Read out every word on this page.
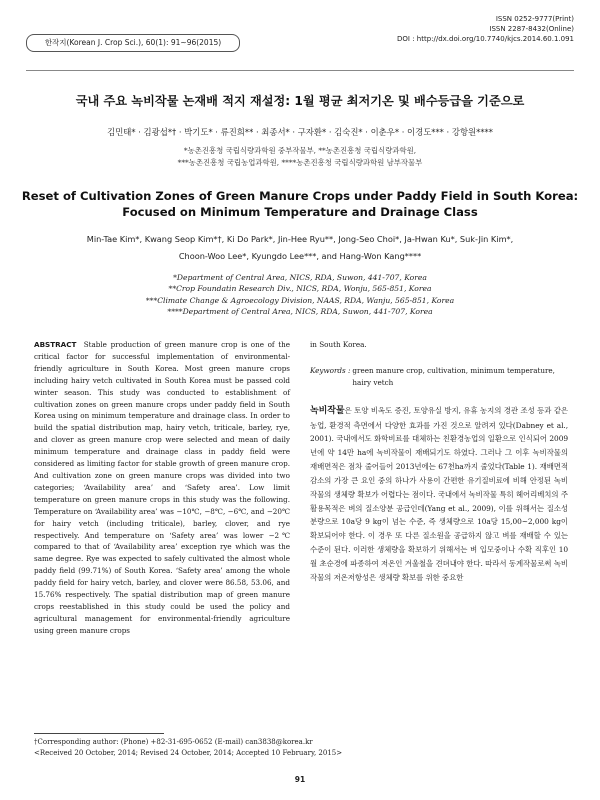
한작지(Korean J. Crop Sci.), 60(1): 91~96(2015)
ISSN 0252-9777(Print)
ISSN 2287-8432(Online)
DOI : http://dx.doi.org/10.7740/kjcs.2014.60.1.091
국내 주요 녹비작물 논재배 적지 재설정: 1월 평균 최저기온 및 배수등급을 기준으로
김민태* · 김광섭*† · 박기도* · 류진희** · 최종서* · 구자환* · 김숙진* · 이춘우* · 이경도*** · 강항원****
*농촌진흥청 국립식량과학원 중부작물부, **농촌진흥청 국립식량과학원,
***농촌진흥청 국립농업과학원, ****농촌진흥청 국립식량과학원 남부작물부
Reset of Cultivation Zones of Green Manure Crops under Paddy Field in South Korea:
Focused on Minimum Temperature and Drainage Class
Min-Tae Kim*, Kwang Seop Kim*†, Ki Do Park*, Jin-Hee Ryu**, Jong-Seo Choi*, Ja-Hwan Ku*, Suk-Jin Kim*,
Choon-Woo Lee*, Kyungdo Lee***, and Hang-Won Kang****
*Department of Central Area, NICS, RDA, Suwon, 441-707, Korea
**Crop Foundatin Research Div., NICS, RDA, Wonju, 565-851, Korea
***Climate Change & Agroecology Division, NAAS, RDA, Wanju, 565-851, Korea
****Department of Central Area, NICS, RDA, Suwon, 441-707, Korea
ABSTRACT Stable production of green manure crop is one of the critical factor for successful implementation of environmental-friendly agriculture in South Korea. Most green manure crops including hairy vetch cultivated in South Korea must be passed cold winter season. This study was conducted to establishment of cultivation zones on green manure crops under paddy field in South Korea using on minimum temperature and drainage class. In order to build the spatial distribution map, hairy vetch, triticale, barley, rye, and clover as green manure crop were selected and mean of daily minimum temperature and drainage class in paddy field were considered as limiting factor for stable growth of green manure crop. And cultivation zone on green manure crops was divided into two categories; ‘Availability area’ and ‘Safety area’. Low limit temperature on green manure crops in this study was the following. Temperature on ‘Availability area’ was −10℃, −8℃, −6℃, and −20℃ for hairy vetch (including triticale), barley, clover, and rye respectively. And temperature on ‘Safety area’ was lower −2℃ compared to that of ‘Availability area’ exception rye which was the same degree. Rye was expected to safely cultivated the almost whole paddy field (99.71%) of South Korea. ‘Safety area’ among the whole paddy field for hairy vetch, barley, and clover were 86.58, 53.06, and 15.76% respectively. The spatial distribution map of green manure crops reestablished in this study could be used the policy and agricultural management for environmental-friendly agriculture using green manure crops
in South Korea.
Keywords : green manure crop, cultivation, minimum temperature, hairy vetch
녹비작물은 토양 비옥도 증진, 토양유실 방지, 유휴 농지의 경관 조성 등과 같은 농업, 환경적 측면에서 다양한 효과를 가진 것으로 알려져 있다(Dabney et al., 2001). 국내에서도 화학비료를 대체하는 친환경농업의 일환으로 인식되어 2009년에 약 14만 ha에 녹비작물이 재배되기도 하였다. 그러나 그 이후 녹비작물의 재배면적은 점차 줄어들어 2013년에는 67천ha까지 줄었다(Table 1). 재배면적 감소의 가장 큰 요인 중의 하나가 사용이 간편한 유기질비료에 비해 안정된 녹비작물의 생체량 확보가 어렵다는 점이다. 국내에서 녹비작물 특히 헤어리베치의 주 활용목적은 벼의 질소양분 공급인데(Yang et al., 2009), 이를 위해서는 질소성분량으로 10a당 9 kg이 넘는 수준, 즉 생체량으로 10a당 15,00~2,000 kg이 확보되어야 한다. 이 경우 또 다른 질소원을 공급하지 않고 벼를 재배할 수 있는 수준이 된다. 이러한 생체량을 확보하기 위해서는 벼 입모중이나 수확 직후인 10월 초순경에 파종하여 저온인 겨울철을 견뎌내야 한다. 따라서 동계작물로써 녹비작물의 저온저항성은 생체량 확보를 위한 중요한
†Corresponding author: (Phone) +82-31-695-0652 (E-mail) can3838@korea.kr
<Received 20 October, 2014; Revised 24 October, 2014; Accepted 10 February, 2015>
91
